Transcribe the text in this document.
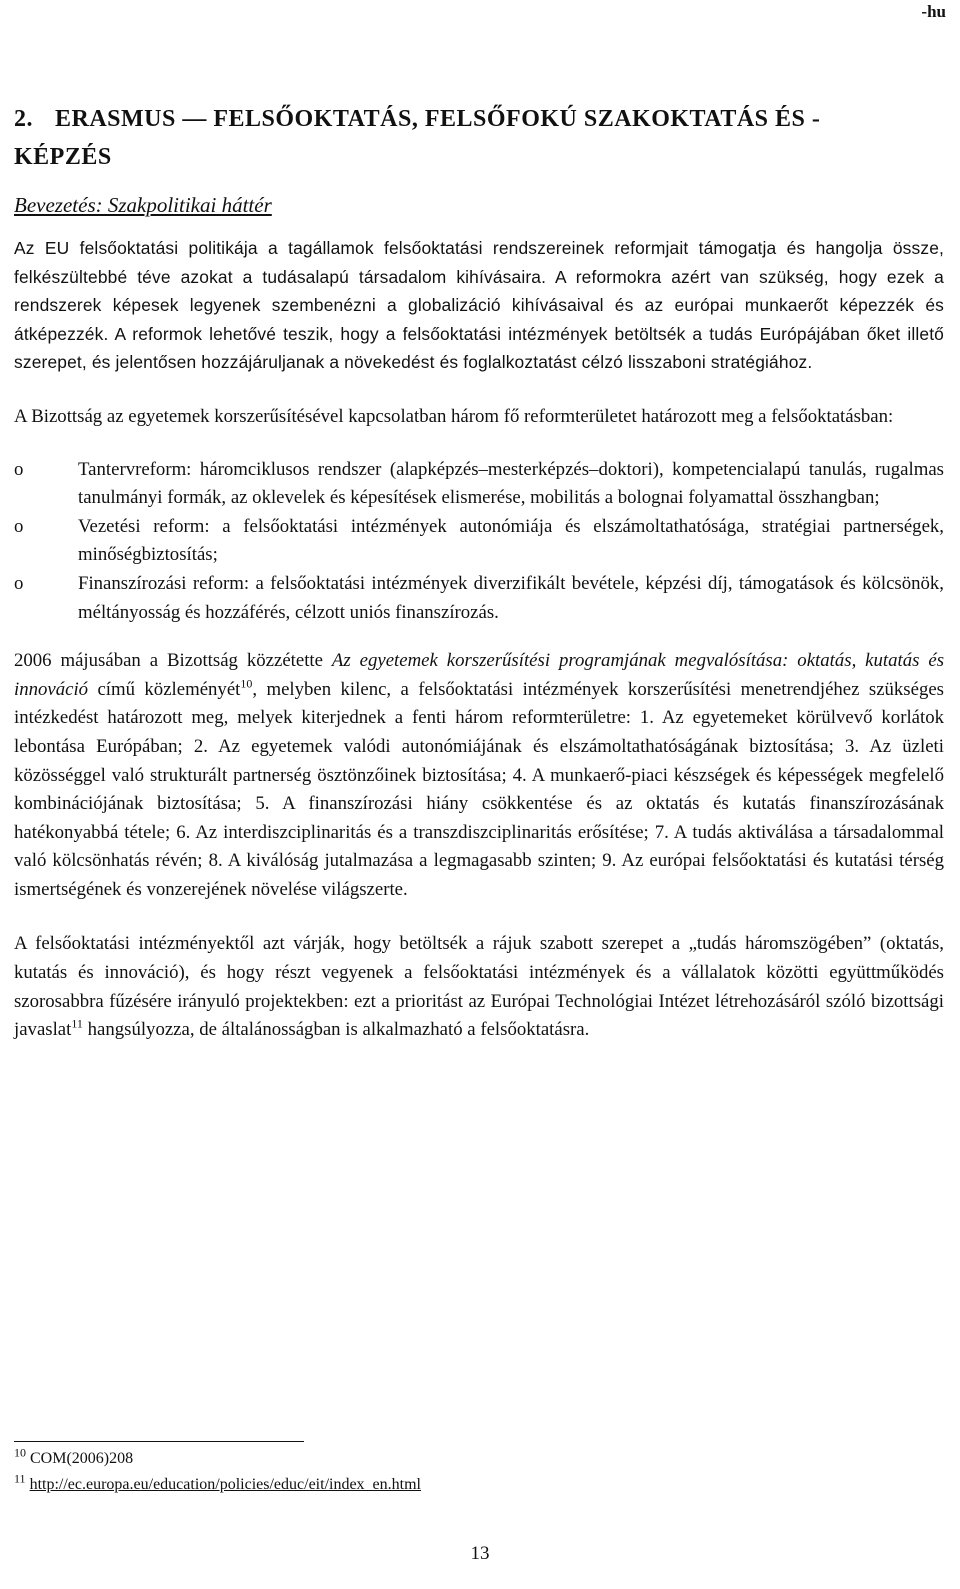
-hu
2. ERASMUS — FELSŐOKTATÁS, FELSŐFOKÚ SZAKOKTATÁS ÉS -
KÉPZÉS
Bevezetés: Szakpolitikai háttér

Az EU felsőoktatási politikája a tagállamok felsőoktatási rendszereinek reformjait támogatja és hangolja össze, felkészültebbé téve azokat a tudásalapú társadalom kihívásaira. A reformokra azért van szükség, hogy ezek a rendszerek képesek legyenek szembenézni a globalizáció kihívásaival és az európai munkaerőt képezzék és átképezzék. A reformok lehetővé teszik, hogy a felsőoktatási intézmények betöltsék a tudás Európájában őket illető szerepet, és jelentősen hozzájáruljanak a növekedést és foglalkoztatást célzó lisszaboni stratégiához.

A Bizottság az egyetemek korszerűsítésével kapcsolatban három fő reformterületet határozott meg a felsőoktatásban:

o	Tantervreform: háromciklusos rendszer (alapképzés–mesterképzés–doktori), kompetencialapú tanulás, rugalmas tanulmányi formák, az oklevelek és képesítések elismerése, mobilitás a bolognai folyamattal összhangban;
o	Vezetési reform: a felsőoktatási intézmények autonómiája és elszámoltathatósága, stratégiai partnerségek, minőségbiztosítás;
o	Finanszírozási reform: a felsőoktatási intézmények diverzifikált bevétele, képzési díj, támogatások és kölcsönök, méltányosság és hozzáférés, célzott uniós finanszírozás.

2006 májusában a Bizottság közzétette Az egyetemek korszerűsítési programjának megvalósítása: oktatás, kutatás és innováció című közleményét$^{10}$, melyben kilenc, a felsőoktatási intézmények korszerűsítési menetrendjéhez szükséges intézkedést határozott meg, melyek kiterjednek a fenti három reformterületre: 1. Az egyetemeket körülvevő korlátok lebontása Európában; 2. Az egyetemek valódi autonómiájának és elszámoltathatóságának biztosítása; 3. Az üzleti közösséggel való strukturált partnerség ösztönzőinek biztosítása; 4. A munkaerő-piaci készségek és képességek megfelelő kombinációjának biztosítása; 5. A finanszírozási hiány csökkentése és az oktatás és kutatás finanszírozásának hatékonyabbá tétele; 6. Az interdiszciplinaritás és a transzdiszciplinaritás erősítése; 7. A tudás aktiválása a társadalommal való kölcsönhatás révén; 8. A kiválóság jutalmazása a legmagasabb szinten; 9. Az európai felsőoktatási és kutatási térség ismertségének és vonzerejének növelése világszerte.

A felsőoktatási intézményektől azt várják, hogy betöltsék a rájuk szabott szerepet a „tudás háromszögében” (oktatás, kutatás és innováció), és hogy részt vegyenek a felsőoktatási intézmények és a vállalatok közötti együttműködés szorosabbra fűzésére irányuló projektekben: ezt a prioritást az Európai Technológiai Intézet létrehozásáról szóló bizottsági javaslat$^{11}$ hangsúlyozza, de általánosságban is alkalmazható a felsőoktatásra.

$^{10}$ COM(2006)208
$^{11}$ http://ec.europa.eu/education/policies/educ/eit/index_en.html
13
